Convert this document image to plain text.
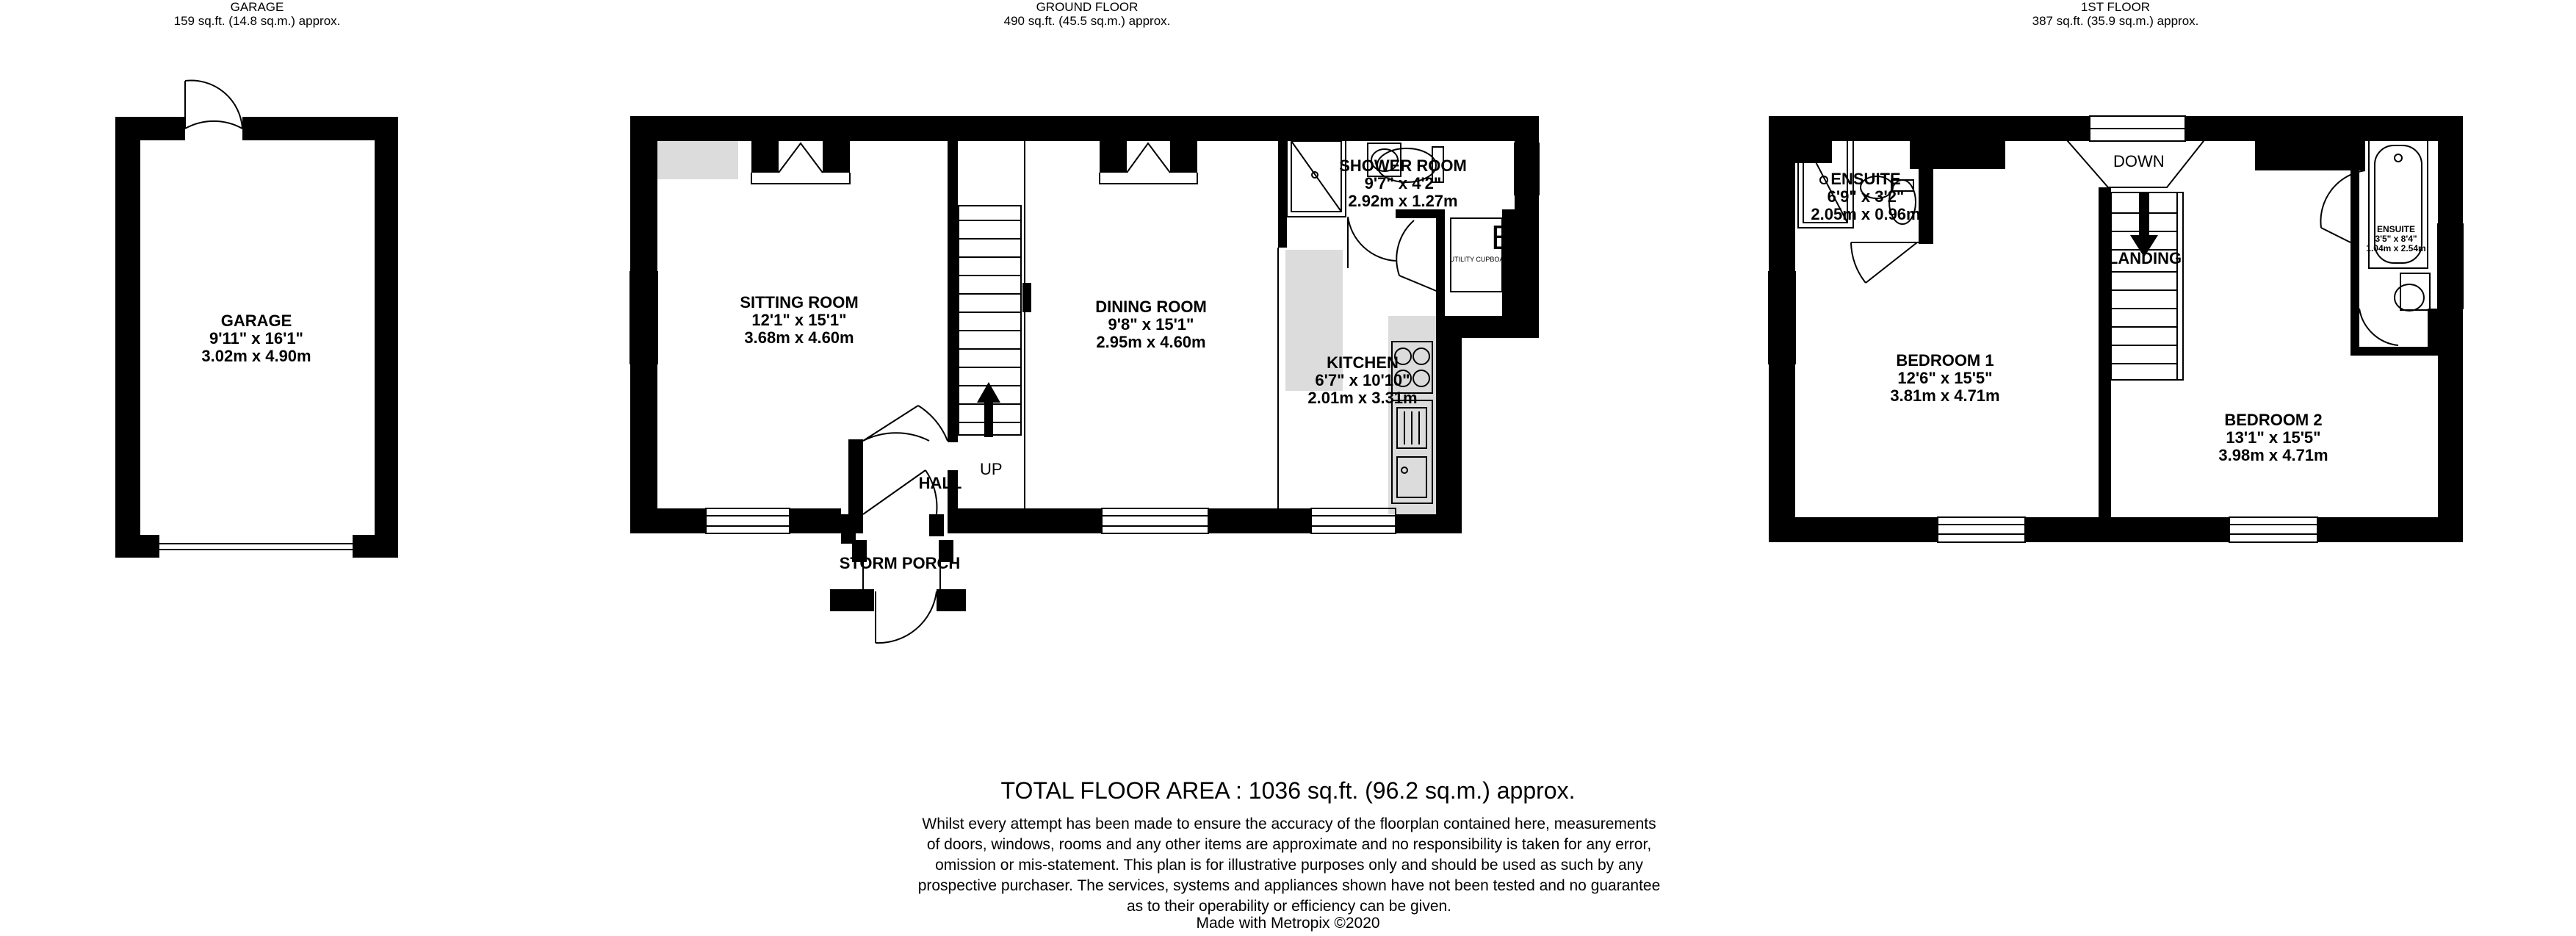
GARAGE
159 sq.ft. (14.8 sq.m.) approx.
GROUND FLOOR
490 sq.ft. (45.5 sq.m.) approx.
1ST FLOOR
387 sq.ft. (35.9 sq.m.) approx.
GARAGE
9'11" x 16'1"
3.02m x 4.90m
SITTING ROOM
12'1" x 15'1"
3.68m x 4.60m
DINING ROOM
9'8" x 15'1"
2.95m x 4.60m
SHOWER ROOM
9'7" x 4'2"
2.92m x 1.27m
KITCHEN
6'7" x 10'10"
2.01m x 3.31m
UTILITY CUPBOARD
B
HALL
UP
STORM PORCH
ENSUITE
6'9" x 3'2"
2.05m x 0.96m
ENSUITE
3'5" x 8'4"
1.04m x 2.54m
BEDROOM 1
12'6" x 15'5"
3.81m x 4.71m
BEDROOM 2
13'1" x 15'5"
3.98m x 4.71m
LANDING
DOWN
TOTAL FLOOR AREA : 1036 sq.ft. (96.2 sq.m.) approx.
Whilst every attempt has been made to ensure the accuracy of the floorplan contained here, measurements
of doors, windows, rooms and any other items are approximate and no responsibility is taken for any error,
omission or mis-statement. This plan is for illustrative purposes only and should be used as such by any
prospective purchaser. The services, systems and appliances shown have not been tested and no guarantee
as to their operability or efficiency can be given.
Made with Metropix ©2020
